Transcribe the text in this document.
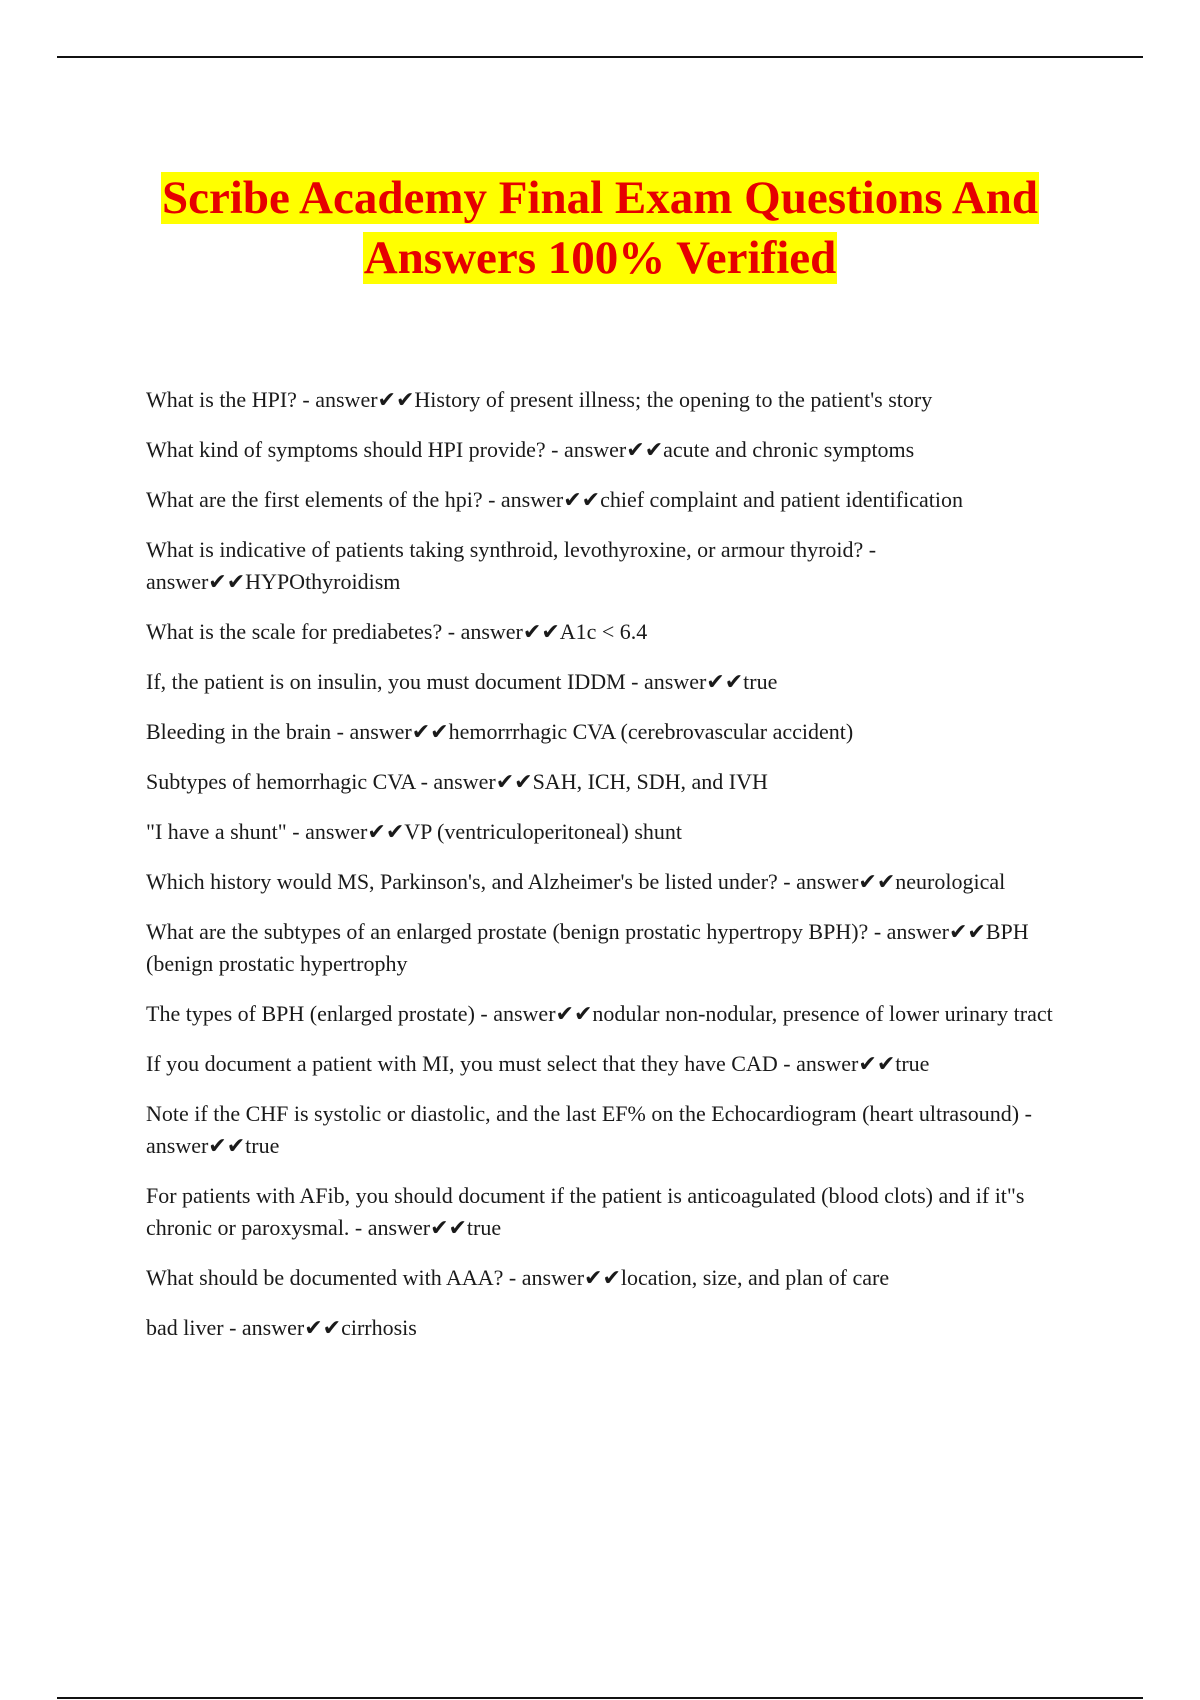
Scribe Academy Final Exam Questions And Answers 100% Verified
What is the HPI? - answer✔✔History of present illness; the opening to the patient's story
What kind of symptoms should HPI provide? - answer✔✔acute and chronic symptoms
What are the first elements of the hpi? - answer✔✔chief complaint and patient identification
What is indicative of patients taking synthroid, levothyroxine, or armour thyroid? - answer✔✔HYPOthyroidism
What is the scale for prediabetes? - answer✔✔A1c < 6.4
If, the patient is on insulin, you must document IDDM - answer✔✔true
Bleeding in the brain - answer✔✔hemorrrhagic CVA (cerebrovascular accident)
Subtypes of hemorrhagic CVA - answer✔✔SAH, ICH, SDH, and IVH
"I have a shunt" - answer✔✔VP (ventriculoperitoneal) shunt
Which history would MS, Parkinson's, and Alzheimer's be listed under? - answer✔✔neurological
What are the subtypes of an enlarged prostate (benign prostatic hypertropy BPH)? - answer✔✔BPH (benign prostatic hypertrophy
The types of BPH (enlarged prostate) - answer✔✔nodular non-nodular, presence of lower urinary tract
If you document a patient with MI, you must select that they have CAD - answer✔✔true
Note if the CHF is systolic or diastolic, and the last EF% on the Echocardiogram (heart ultrasound) - answer✔✔true
For patients with AFib, you should document if the patient is anticoagulated (blood clots) and if it"s chronic or paroxysmal. - answer✔✔true
What should be documented with AAA? - answer✔✔location, size, and plan of care
bad liver - answer✔✔cirrhosis
